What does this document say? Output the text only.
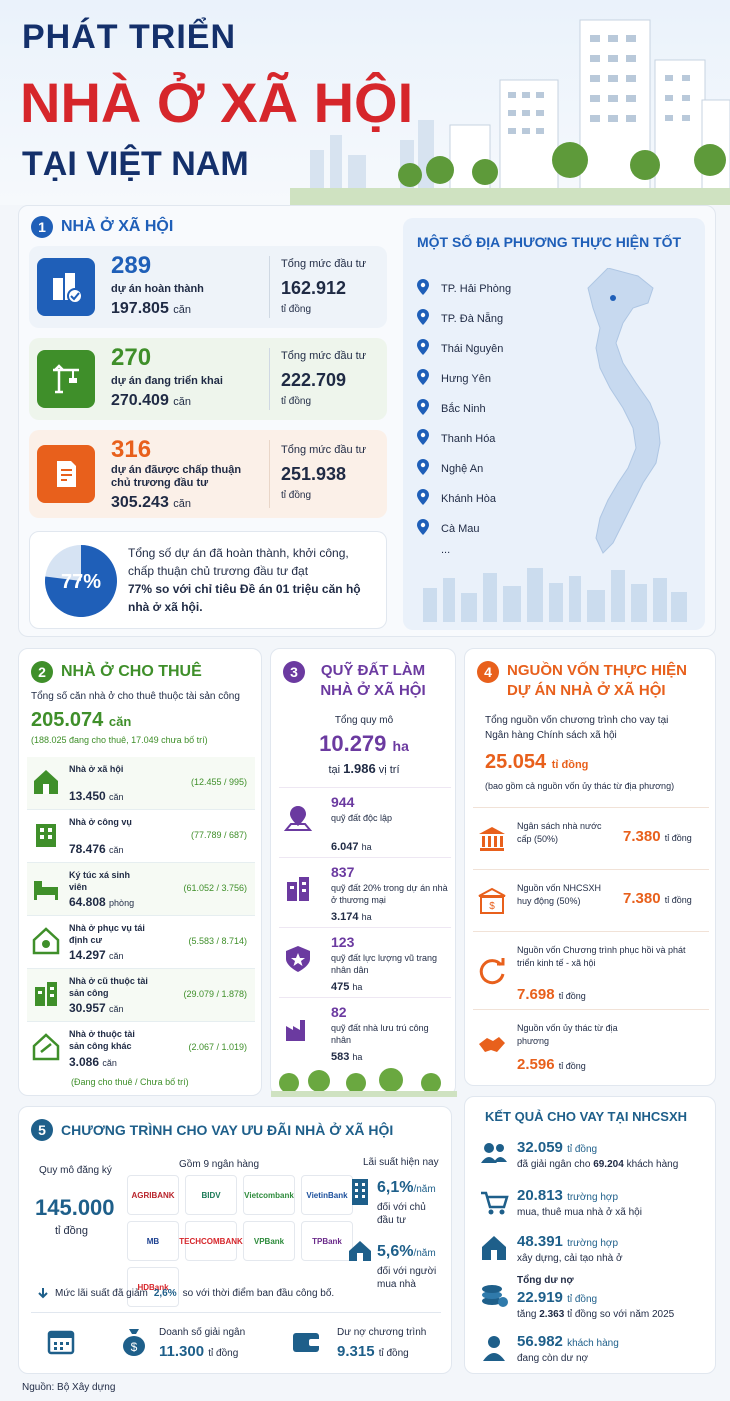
PHÁT TRIỂN
NHÀ Ở XÃ HỘI
TẠI VIỆT NAM
1 NHÀ Ở XÃ HỘI
289
dự án hoàn thành
197.805 căn
Tổng mức đầu tư
162.912
tỉ đồng
270
dự án đang triển khai
270.409 căn
Tổng mức đầu tư
222.709
tỉ đồng
316
dự án đãược chấp thuận chủ trương đầu tư
305.243 căn
Tổng mức đầu tư
251.938
tỉ đồng
77%
Tổng số dự án đã hoàn thành, khởi công, chấp thuận chủ trương đầu tư đạt
77% so với chỉ tiêu Đề án 01 triệu căn hộ nhà ở xã hội.
MỘT SỐ ĐỊA PHƯƠNG THỰC HIỆN TỐT
TP. Hải Phòng
TP. Đà Nẵng
Thái Nguyên
Hưng Yên
Bắc Ninh
Thanh Hóa
Nghệ An
Khánh Hòa
Cà Mau
...
2 NHÀ Ở CHO THUÊ
Tổng số căn nhà ở cho thuê thuộc tài sản công
205.074 căn
(188.025 đang cho thuê, 17.049 chưa bố trí)
Nhà ở xã hội
13.450 căn
(12.455 / 995)
Nhà ở công vụ
78.476 căn
(77.789 / 687)
Ký túc xá sinh viên
64.808 phòng
(61.052 / 3.756)
Nhà ở phục vụ tái định cư
14.297 căn
(5.583 / 8.714)
Nhà ở cũ thuộc tài sản công
30.957 căn
(29.079 / 1.878)
Nhà ở thuộc tài sản công khác
3.086 căn
(2.067 / 1.019)
(Đang cho thuê / Chưa bố trí)
3	QUỸ ĐẤT LÀM NHÀ Ở XÃ HỘI
Tổng quy mô
10.279 ha
tại 1.986 vị trí
944
quỹ đất độc lập
6.047 ha
837
quỹ đất 20% trong dự án nhà ở thương mại
3.174 ha
123
quỹ đất lực lượng vũ trang nhân dân
475 ha
82
quỹ đất nhà lưu trú công nhân
583 ha
4	NGUỒN VỐN THỰC HIỆN DỰ ÁN NHÀ Ở XÃ HỘI
Tổng nguồn vốn chương trình cho vay tại Ngân hàng Chính sách xã hội
25.054 tỉ đồng
(bao gồm cả nguồn vốn ủy thác từ địa phương)
Ngân sách nhà nước cấp (50%)	7.380 tỉ đồng
$
Nguồn vốn NHCSXH huy động (50%)	7.380 tỉ đồng
Nguồn vốn Chương trình phục hồi và phát triển kinh tế - xã hội
7.698 tỉ đồng
Nguồn vốn ủy thác từ địa phương
2.596 tỉ đồng
5	CHƯƠNG TRÌNH CHO VAY ƯU ĐÃI NHÀ Ở XÃ HỘI
Quy mô đăng ký
145.000
tỉ đồng
Gồm 9 ngân hàng
AGRIBANK	BIDV	Vietcombank VietinBank
MB	TECHCOMBANK VPBank	TPBank
HDBank
Lãi suất hiện nay
6,1%/năm
đối với chủ đầu tư
5,6%/năm
đối với người mua nhà
Mức lãi suất đã giảm 2,6% so với thời điểm ban đầu công bố.
$
Doanh số giải ngân
11.300 tỉ đồng
Dư nợ chương trình
9.315 tỉ đồng
KẾT QUẢ CHO VAY TẠI NHCSXH
32.059 tỉ đồng
đã giải ngân cho 69.204 khách hàng
20.813 trường hợp
mua, thuê mua nhà ở xã hội
48.391 trường hợp
xây dựng, cải tạo nhà ở
Tổng dư nợ
22.919 tỉ đồng
tăng 2.363 tỉ đồng so với năm 2025
56.982 khách hàng
đang còn dư nợ
Nguồn: Bộ Xây dựng
